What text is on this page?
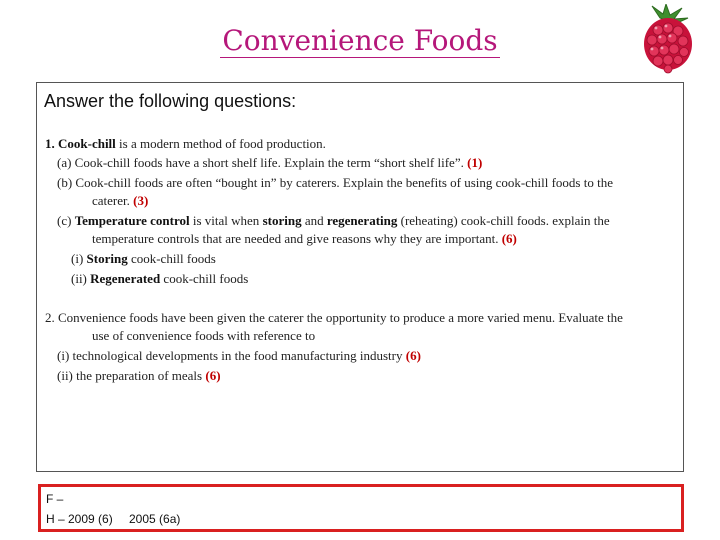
Convenience Foods
Answer the following questions:
1. Cook-chill is a modern method of food production.
(a) Cook-chill foods have a short shelf life. Explain the term “short shelf life”. (1)
(b) Cook-chill foods are often “bought in” by caterers. Explain the benefits of using cook-chill foods to the
caterer. (3)
(c) Temperature control is vital when storing and regenerating (reheating) cook-chill foods. explain the
temperature controls that are needed and give reasons why they are important. (6)
(i) Storing cook-chill foods
(ii) Regenerated cook-chill foods
2. Convenience foods have been given the caterer the opportunity to produce a more varied menu. Evaluate the
use of convenience foods with reference to
(i) technological developments in the food manufacturing industry (6)
(ii) the preparation of meals (6)
F –
H – 2009 (6) 2005 (6a)
